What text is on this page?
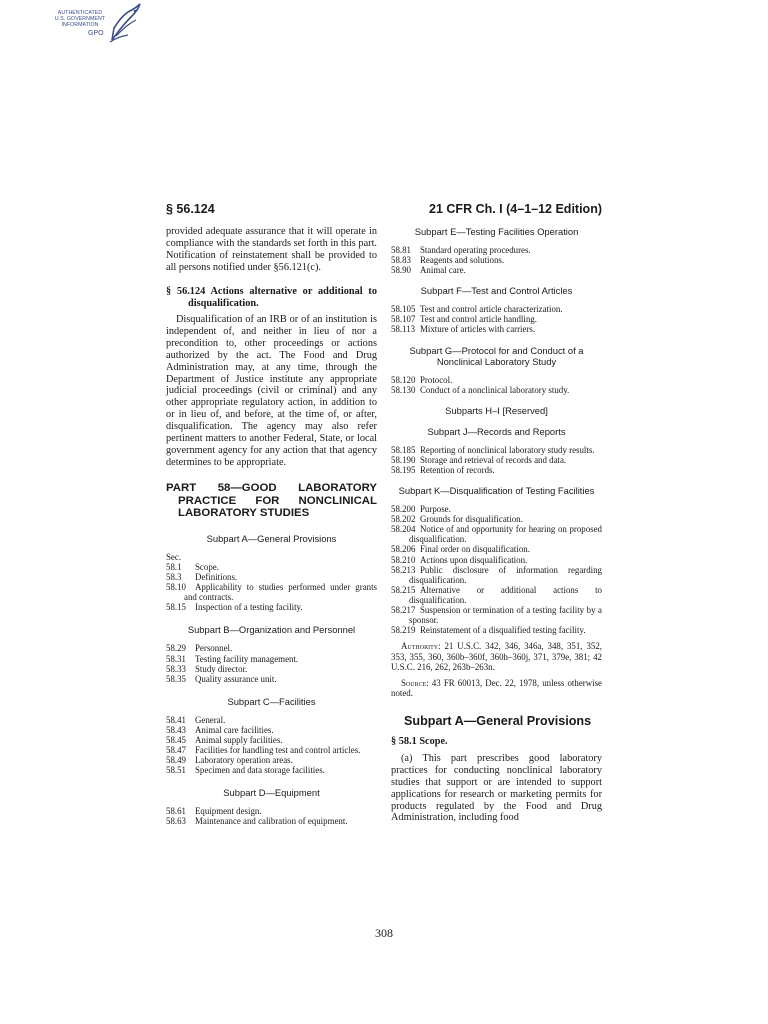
AUTHENTICATED
U.S. GOVERNMENT
INFORMATION
GPO
§ 56.124	21 CFR Ch. I (4–1–12 Edition)

provided adequate assurance that it will operate in compliance with the standards set forth in this part. Notification of reinstatement shall be provided to all persons notified under §56.121(c).

§ 56.124 Actions alternative or additional to disqualification.

Disqualification of an IRB or of an institution is independent of, and neither in lieu of nor a precondition to, other proceedings or actions authorized by the act. The Food and Drug Administration may, at any time, through the Department of Justice institute any appropriate judicial proceedings (civil or criminal) and any other appropriate regulatory action, in addition to or in lieu of, and before, at the time of, or after, disqualification. The agency may also refer pertinent matters to another Federal, State, or local government agency for any action that that agency determines to be appropriate.

PART 58—GOOD LABORATORY PRACTICE FOR NONCLINICAL LABORATORY STUDIES

Subpart A—General Provisions

Sec.
58.1 Scope.
58.3 Definitions.
58.10 Applicability to studies performed under grants and contracts.
58.15 Inspection of a testing facility.

Subpart B—Organization and Personnel

58.29 Personnel.
58.31 Testing facility management.
58.33 Study director.
58.35 Quality assurance unit.

Subpart C—Facilities

58.41 General.
58.43 Animal care facilities.
58.45 Animal supply facilities.
58.47 Facilities for handling test and control articles.
58.49 Laboratory operation areas.
58.51 Specimen and data storage facilities.

Subpart D—Equipment

58.61 Equipment design.
58.63 Maintenance and calibration of equipment.

Subpart E—Testing Facilities Operation

58.81 Standard operating procedures.
58.83 Reagents and solutions.
58.90 Animal care.

Subpart F—Test and Control Articles

58.105 Test and control article characterization.
58.107 Test and control article handling.
58.113 Mixture of articles with carriers.

Subpart G—Protocol for and Conduct of a Nonclinical Laboratory Study

58.120 Protocol.
58.130 Conduct of a nonclinical laboratory study.

Subparts H–I [Reserved]

Subpart J—Records and Reports

58.185 Reporting of nonclinical laboratory study results.
58.190 Storage and retrieval of records and data.
58.195 Retention of records.

Subpart K—Disqualification of Testing Facilities

58.200 Purpose.
58.202 Grounds for disqualification.
58.204 Notice of and opportunity for hearing on proposed disqualification.
58.206 Final order on disqualification.
58.210 Actions upon disqualification.
58.213 Public disclosure of information regarding disqualification.
58.215 Alternative or additional actions to disqualification.
58.217 Suspension or termination of a testing facility by a sponsor.
58.219 Reinstatement of a disqualified testing facility.

Authority: 21 U.S.C. 342, 346, 346a, 348, 351, 352, 353, 355, 360, 360b–360f, 360h–360j, 371, 379e, 381; 42 U.S.C. 216, 262, 263b–263n.

Source: 43 FR 60013, Dec. 22, 1978, unless otherwise noted.

Subpart A—General Provisions

§ 58.1 Scope.

(a) This part prescribes good laboratory practices for conducting nonclinical laboratory studies that support or are intended to support applications for research or marketing permits for products regulated by the Food and Drug Administration, including food

308
